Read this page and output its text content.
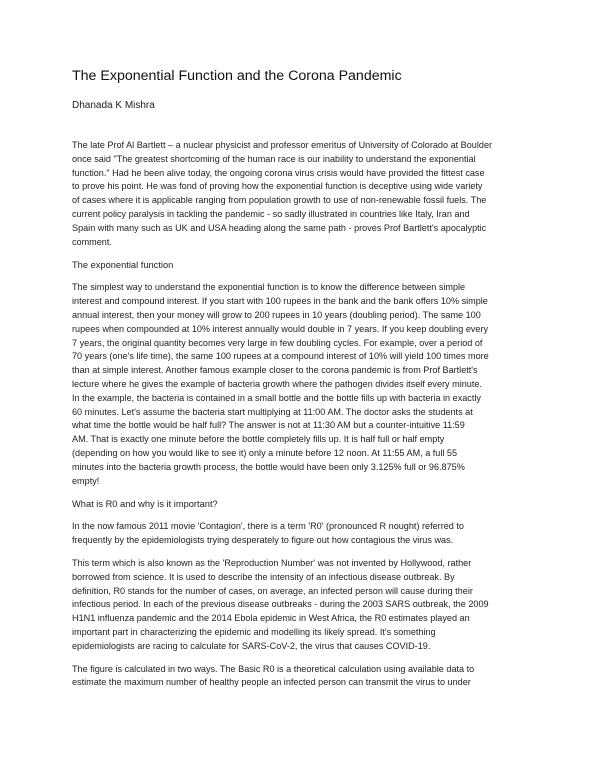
The Exponential Function and the Corona Pandemic
Dhanada K Mishra
The late Prof Al Bartlett – a nuclear physicist and professor emeritus of University of Colorado at Boulder
once said "The greatest shortcoming of the human race is our inability to understand the exponential
function." Had he been alive today, the ongoing corona virus crisis would have provided the fittest case
to prove his point. He was fond of proving how the exponential function is deceptive using wide variety
of cases where it is applicable ranging from population growth to use of non-renewable fossil fuels. The
current policy paralysis in tackling the pandemic - so sadly illustrated in countries like Italy, Iran and
Spain with many such as UK and USA heading along the same path - proves Prof Bartlett's apocalyptic
comment.
The exponential function
The simplest way to understand the exponential function is to know the difference between simple
interest and compound interest. If you start with 100 rupees in the bank and the bank offers 10% simple
annual interest, then your money will grow to 200 rupees in 10 years (doubling period). The same 100
rupees when compounded at 10% interest annually would double in 7 years. If you keep doubling every
7 years, the original quantity becomes very large in few doubling cycles. For example, over a period of
70 years (one's life time), the same 100 rupees at a compound interest of 10% will yield 100 times more
than at simple interest. Another famous example closer to the corona pandemic is from Prof Bartlett's
lecture where he gives the example of bacteria growth where the pathogen divides itself every minute.
In the example, the bacteria is contained in a small bottle and the bottle fills up with bacteria in exactly
60 minutes. Let's assume the bacteria start multiplying at 11:00 AM. The doctor asks the students at
what time the bottle would be half full? The answer is not at 11:30 AM but a counter-intuitive 11:59
AM. That is exactly one minute before the bottle completely fills up. It is half full or half empty
(depending on how you would like to see it) only a minute before 12 noon. At 11:55 AM, a full 55
minutes into the bacteria growth process, the bottle would have been only 3.125% full or 96.875%
empty!
What is R0 and why is it important?
In the now famous 2011 movie 'Contagion', there is a term 'R0' (pronounced R nought) referred to
frequently by the epidemiologists trying desperately to figure out how contagious the virus was.
This term which is also known as the 'Reproduction Number' was not invented by Hollywood, rather
borrowed from science. It is used to describe the intensity of an infectious disease outbreak. By
definition, R0 stands for the number of cases, on average, an infected person will cause during their
infectious period. In each of the previous disease outbreaks - during the 2003 SARS outbreak, the 2009
H1N1 influenza pandemic and the 2014 Ebola epidemic in West Africa, the R0 estimates played an
important part in characterizing the epidemic and modelling its likely spread. It's something
epidemiologists are racing to calculate for SARS-CoV-2, the virus that causes COVID-19.
The figure is calculated in two ways. The Basic R0 is a theoretical calculation using available data to
estimate the maximum number of healthy people an infected person can transmit the virus to under
